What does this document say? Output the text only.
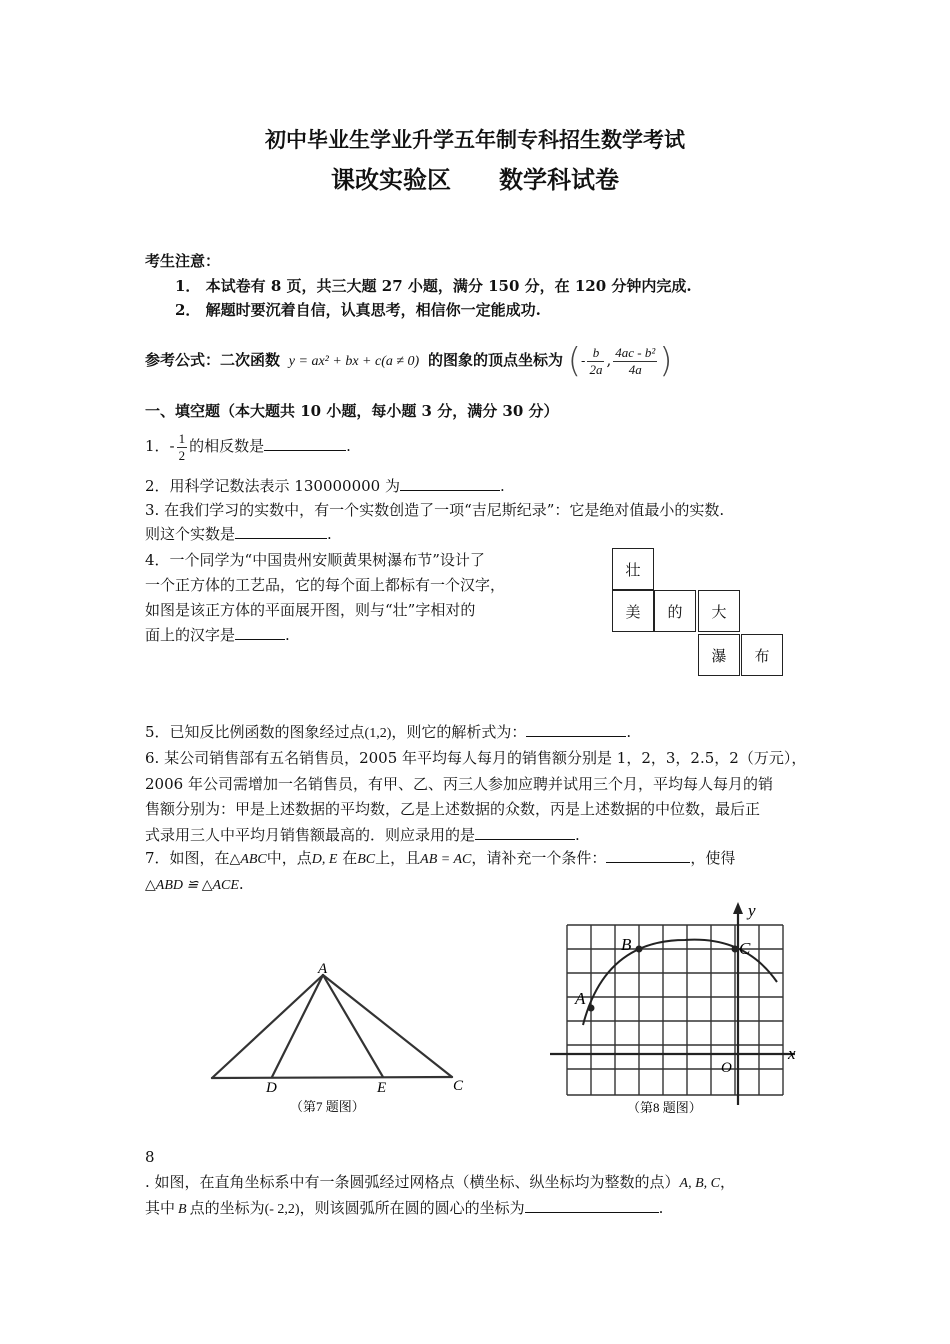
初中毕业生学业升学五年制专科招生数学考试
课改实验区 数学科试卷
考生注意：
1． 本试卷有 8 页，共三大题 27 小题，满分 150 分，在 120 分钟内完成.
2． 解题时要沉着自信，认真思考，相信你一定能成功.
参考公式：二次函数 y = ax² + bx + c(a ≠ 0) 的图象的顶点坐标为 (- $\frac{b}{2a}$ , $\frac{\text{4ac - b²}}{4a}$ )
一、填空题（本大题共 10 小题，每小题 3 分，满分 30 分）
1．- $\frac{1}{2}$ 的相反数是	.
2．用科学记数法表示 130000000 为	.
3. 在我们学习的实数中，有一个实数创造了一项“吉尼斯纪录”：它是绝对值最小的实数.
则这个实数是	.
4．一个同学为“中国贵州安顺黄果树瀑布节”设计了
一个正方体的工艺品，它的每个面上都标有一个汉字，
如图是该正方体的平面展开图，则与“壮”字相对的
面上的汉字是	.
壮
美	的	大
瀑	布
5．已知反比例函数的图象经过点(1,2)，则它的解析式为：	.
6. 某公司销售部有五名销售员，2005 年平均每人每月的销售额分别是 1，2，3，2.5，2（万元），
2006 年公司需增加一名销售员，有甲、乙、丙三人参加应聘并试用三个月，平均每人每月的销
售额分别为：甲是上述数据的平均数，乙是上述数据的众数，丙是上述数据的中位数，最后正
式录用三人中平均月销售额最高的．则应录用的是	.
7．如图，在△ABC中，点D, E 在BC上，且AB = AC，请补充一个条件：	，使得
△ABD ≌ △ACE.
A
D	E	C
（第7 题图）
A
B	C
O
x
y
（第8 题图）
8
. 如图，在直角坐标系中有一条圆弧经过网格点（横坐标、纵坐标均为整数的点）A, B, C，
其中 B 点的坐标为(- 2,2)，则该圆弧所在圆的圆心的坐标为	.
